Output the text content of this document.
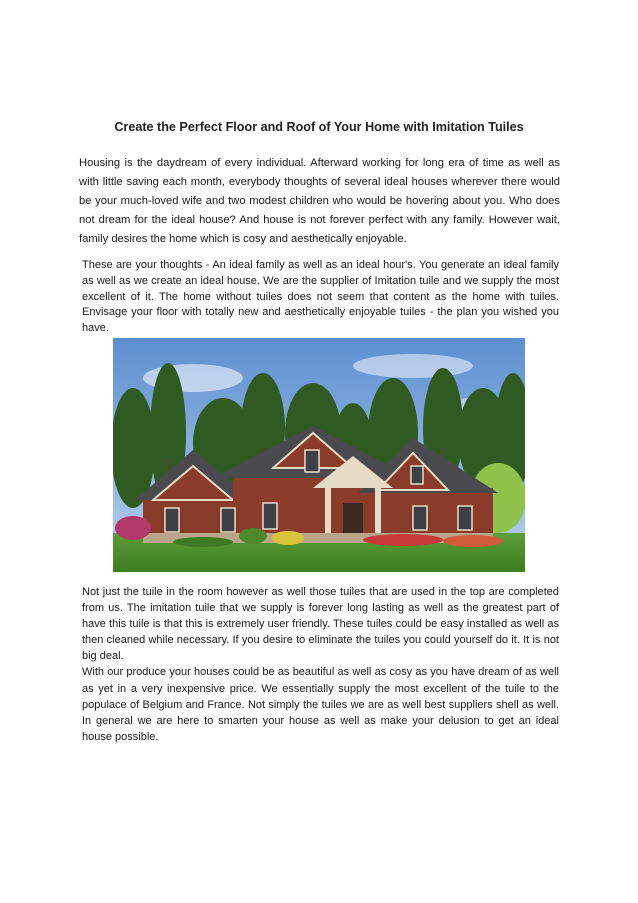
Create the Perfect Floor and Roof of Your Home with Imitation Tuiles

Housing is the daydream of every individual. Afterward working for long era of time as well as with little saving each month, everybody thoughts of several ideal houses wherever there would be your much-loved wife and two modest children who would be hovering about you. Who does not dream for the ideal house? And house is not forever perfect with any family. However wait, family desires the home which is cosy and aesthetically enjoyable.

These are your thoughts - An ideal family as well as an ideal hour's. You generate an ideal family as well as we create an ideal house. We are the supplier of Imitation tuile and we supply the most excellent of it. The home without tuiles does not seem that content as the home with tuiles. Envisage your floor with totally new and aesthetically enjoyable tuiles - the plan you wished you have.

Not just the tuile in the room however as well those tuiles that are used in the top are completed from us. The imitation tuile that we supply is forever long lasting as well as the greatest part of have this tuile is that this is extremely user friendly. These tuiles could be easy installed as well as then cleaned while necessary. If you desire to eliminate the tuiles you could yourself do it. It is not big deal.
With our produce your houses could be as beautiful as well as cosy as you have dream of as well as yet in a very inexpensive price. We essentially supply the most excellent of the tuile to the populace of Belgium and France. Not simply the tuiles we are as well best suppliers shell as well. In general we are here to smarten your house as well as make your delusion to get an ideal house possible.
